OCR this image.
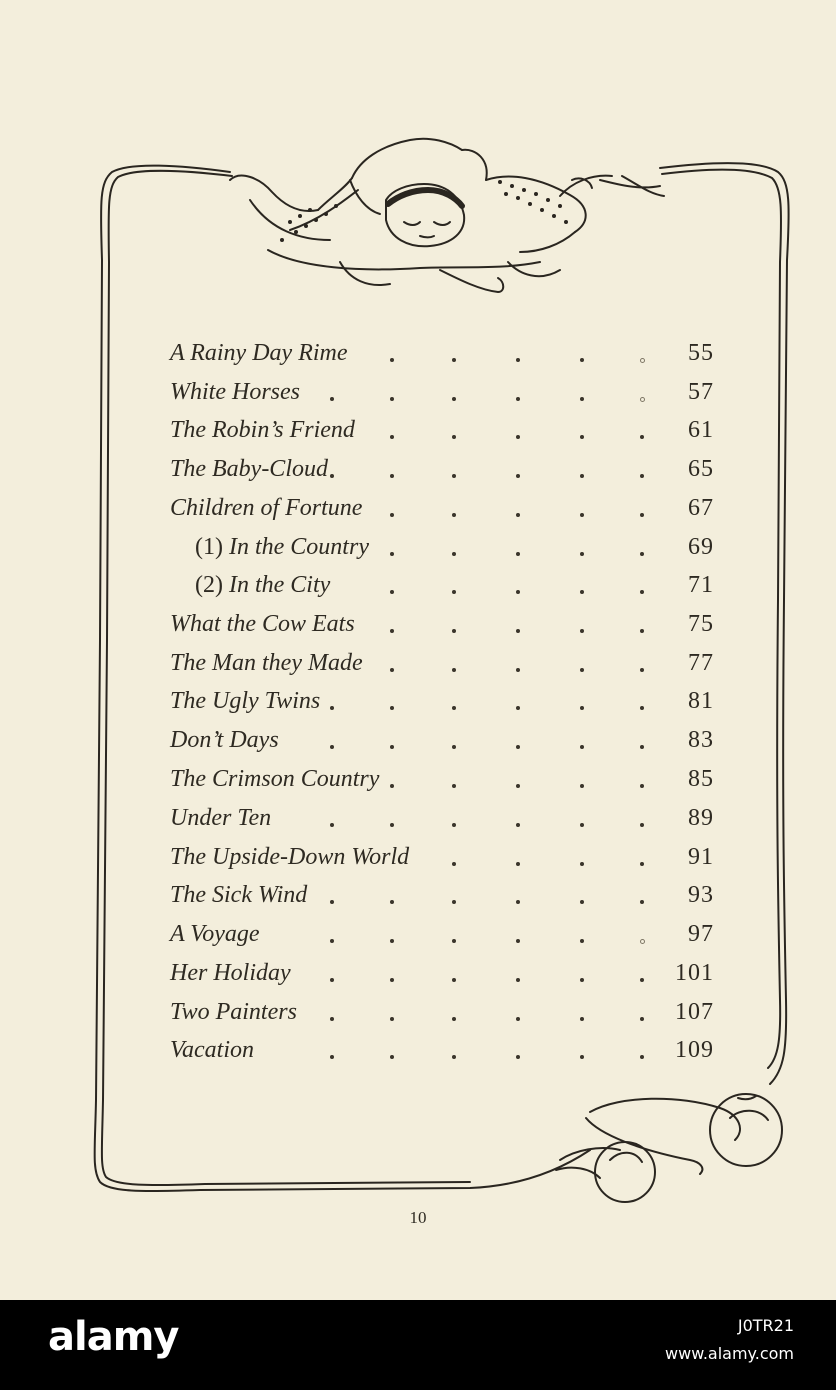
A Rainy Day Rime	55
White Horses	57
The Robin’s Friend	61
The Baby-Cloud	65
Children of Fortune	67
(1) In the Country	69
(2) In the City	71
What the Cow Eats	75
The Man they Made	77
The Ugly Twins	81
Don’t Days	83
The Crimson Country	85
Under Ten	89
The Upside-Down World	91
The Sick Wind	93
A Voyage	97
Her Holiday	101
Two Painters	107
Vacation	109
10
alamy	J0TR21
www.alamy.com
